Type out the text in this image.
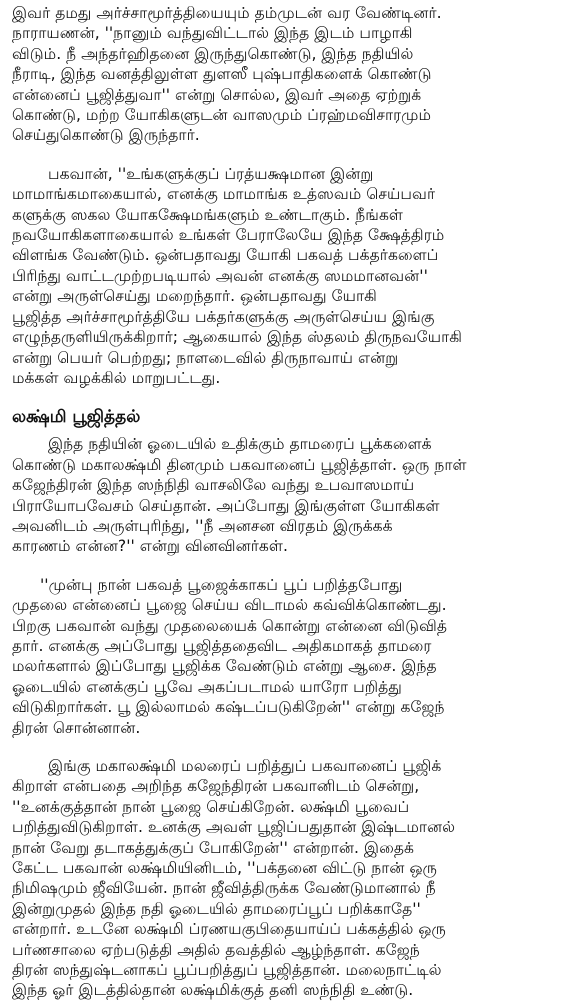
இவர் தமது அர்ச்சாமூர்த்தியையும் தம்முடன் வர வேண்டினர்.
நாராயணன், ''நானும் வந்துவிட்டால் இந்த இடம் பாழாகி
விடும். நீ அந்தர்ஹிதனை இருந்துகொண்டு, இந்த நதியில்
நீராடி, இந்த வனத்திலுள்ள துளஸீ புஷ்பாதிகளைக் கொண்டு
என்னைப் பூஜித்துவா'' என்று சொல்ல, இவர் அதை ஏற்றுக்
கொண்டு, மற்ற யோகிகளுடன் வாஸமும் ப்ரஹ்மவிசாரமும்
செய்துகொண்டு இருந்தார்.
பகவான், ''உங்களுக்குப் ப்ரத்யக்ஷமான இன்று
மாமாங்கமாகையால், எனக்கு மாமாங்க உத்ஸவம் செய்பவர்
களுக்கு ஸகல யோகக்ஷேமங்களும் உண்டாகும். நீங்கள்
நவயோகிகளாகையால் உங்கள் பேராலேயே இந்த க்ஷேத்திரம்
விளங்க வேண்டும். ஒன்பதாவது யோகி பகவத் பக்தர்களைப்
பிரிந்து வாட்டமுற்றபடியால் அவன் எனக்கு ஸமமானவன்''
என்று அருள்செய்து மறைந்தார். ஒன்பதாவது யோகி
பூஜித்த அர்ச்சாமூர்த்தியே பக்தர்களுக்கு அருள்செய்ய இங்கு
எழுந்தருளியிருக்கிறார்; ஆகையால் இந்த ஸ்தலம் திருநவயோகி
என்று பெயர் பெற்றது; நாளடைவில் திருநாவாய் என்று
மக்கள் வழக்கில் மாறுபட்டது.
லக்ஷ்மி பூஜித்தல்
இந்த நதியின் ஓடையில் உதிக்கும் தாமரைப் பூக்களைக்
கொண்டு மகாலக்ஷ்மி தினமும் பகவானைப் பூஜித்தாள். ஒரு நாள்
கஜேந்திரன் இந்த ஸந்நிதி வாசலிலே வந்து உபவாஸமாய்
பிராயோபவேசம் செய்தான். அப்போது இங்குள்ள யோகிகள்
அவனிடம் அருள்புரிந்து, ''நீ அனசன விரதம் இருக்கக்
காரணம் என்ன?'' என்று வினவினர்கள்.
''முன்பு நான் பகவத் பூஜைக்காகப் பூப் பறித்தபோது
முதலை என்னைப் பூஜை செய்ய விடாமல் கவ்விக்கொண்டது.
பிறகு பகவான் வந்து முதலையைக் கொன்று என்னை விடுவித்
தார். எனக்கு அப்போது பூஜித்ததைவிட அதிகமாகத் தாமரை
மலர்களால் இப்போது பூஜிக்க வேண்டும் என்று ஆசை. இந்த
ஓடையில் எனக்குப் பூவே அகப்படாமல் யாரோ பறித்து
விடுகிறார்கள். பூ இல்லாமல் கஷ்டப்படுகிறேன்'' என்று கஜேந்
திரன் சொன்னான்.
இங்கு மகாலக்ஷ்மி மலரைப் பறித்துப் பகவானைப் பூஜிக்
கிறாள் என்பதை அறிந்த கஜேந்திரன் பகவானிடம் சென்று,
''உனக்குத்தான் நான் பூஜை செய்கிறேன். லக்ஷ்மி பூவைப்
பறித்துவிடுகிறாள். உனக்கு அவள் பூஜிப்பதுதான் இஷ்டமானல்
நான் வேறு தடாகத்துக்குப் போகிறேன்'' என்றான். இதைக்
கேட்ட பகவான் லக்ஷ்மியினிடம், ''பக்தனை விட்டு நான் ஒரு
நிமிஷமும் ஜீவியேன். நான் ஜீவித்திருக்க வேண்டுமானால் நீ
இன்றுமுதல் இந்த நதி ஓடையில் தாமரைப்பூப் பறிக்காதே''
என்றார். உடனே லக்ஷ்மி ப்ரணயகுபிதையாய்ப் பக்கத்தில் ஒரு
பர்ணசாலை ஏற்படுத்தி அதில் தவத்தில் ஆழ்ந்தாள். கஜேந்
திரன் ஸந்துஷ்டனாகப் பூப்பறித்துப் பூஜித்தான். மலைநாட்டில்
இந்த ஓர் இடத்தில்தான் லக்ஷ்மிக்குத் தனி ஸந்நிதி உண்டு.
